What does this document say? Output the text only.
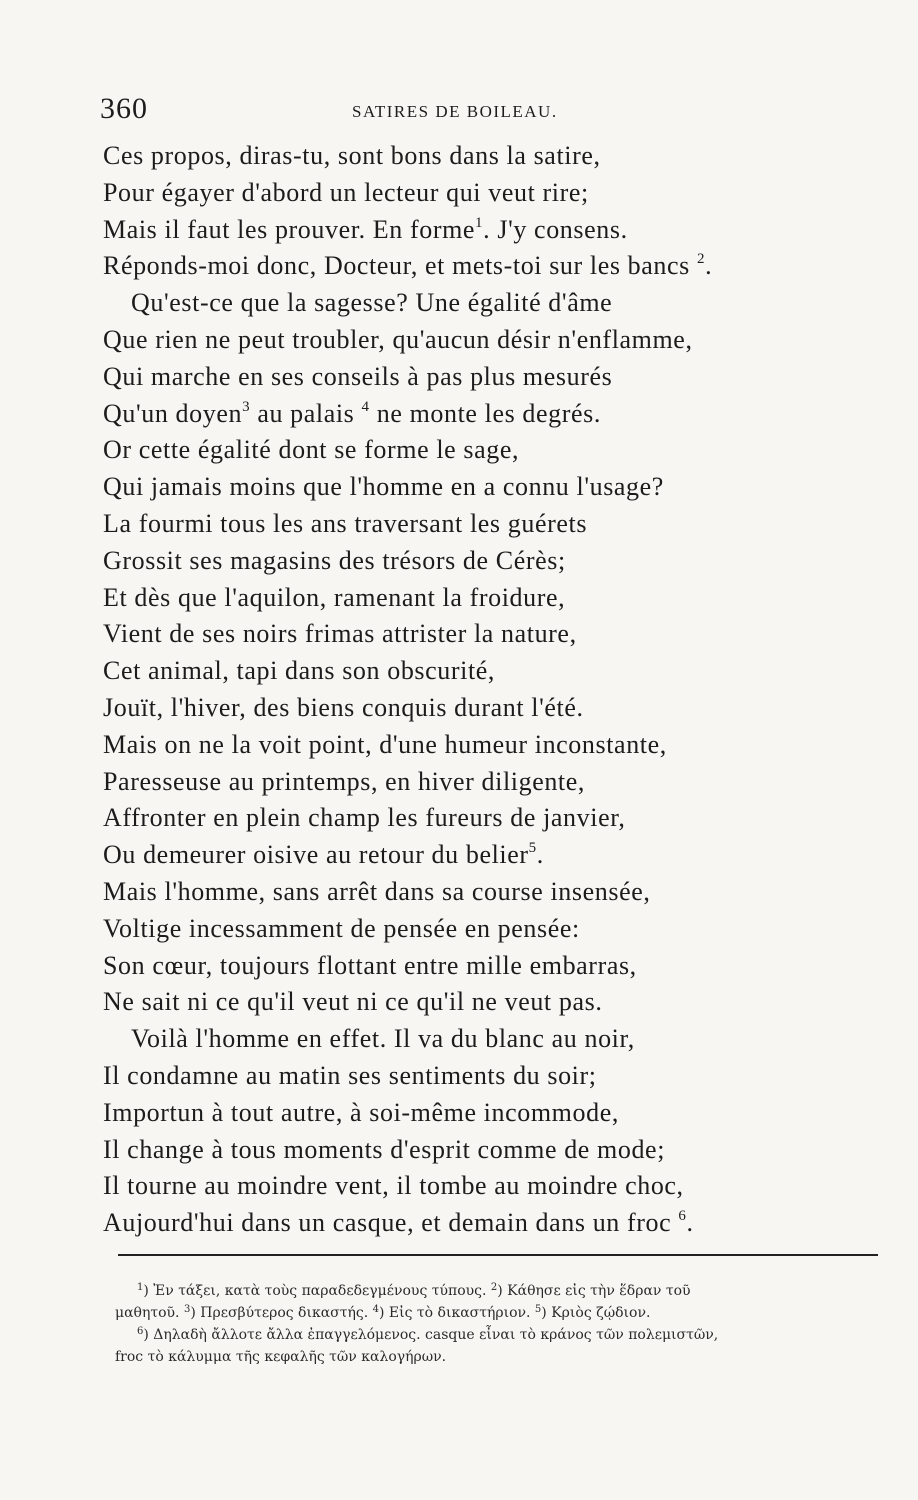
360	SATIRES DE BOILEAU.
Ces propos, diras-tu, sont bons dans la satire,
Pour égayer d'abord un lecteur qui veut rire;
Mais il faut les prouver. En forme$^1$. J'y consens.
Réponds-moi donc, Docteur, et mets-toi sur les bancs $^2$.
Qu'est-ce que la sagesse? Une égalité d'âme
Que rien ne peut troubler, qu'aucun désir n'enflamme,
Qui marche en ses conseils à pas plus mesurés
Qu'un doyen$^3$ au palais $^4$ ne monte les degrés.
Or cette égalité dont se forme le sage,
Qui jamais moins que l'homme en a connu l'usage?
La fourmi tous les ans traversant les guérets
Grossit ses magasins des trésors de Cérès;
Et dès que l'aquilon, ramenant la froidure,
Vient de ses noirs frimas attrister la nature,
Cet animal, tapi dans son obscurité,
Jouït, l'hiver, des biens conquis durant l'été.
Mais on ne la voit point, d'une humeur inconstante,
Paresseuse au printemps, en hiver diligente,
Affronter en plein champ les fureurs de janvier,
Ou demeurer oisive au retour du belier$^5$.
Mais l'homme, sans arrêt dans sa course insensée,
Voltige incessamment de pensée en pensée:
Son cœur, toujours flottant entre mille embarras,
Ne sait ni ce qu'il veut ni ce qu'il ne veut pas.
Voilà l'homme en effet. Il va du blanc au noir,
Il condamne au matin ses sentiments du soir;
Importun à tout autre, à soi-même incommode,
Il change à tous moments d'esprit comme de mode;
Il tourne au moindre vent, il tombe au moindre choc,
Aujourd'hui dans un casque, et demain dans un froc $^6$.
$^1$) Ἐν τάξει, κατὰ τοὺς παραδεδεγμένους τύπους. $^2$) Κάθησε εἰς τὴν ἕδραν τοῦ
μαθητοῦ. $^3$) Πρεσβύτερος δικαστής. $^4$) Εἰς τὸ δικαστήριον. $^5$) Κριὸς ζῴδιον.
$^6$) Δηλαδὴ ἄλλοτε ἄλλα ἐπαγγελόμενος. casque εἶναι τὸ κράνος τῶν πολεμιστῶν,
froc τὸ κάλυμμα τῆς κεφαλῆς τῶν καλογήρων.
